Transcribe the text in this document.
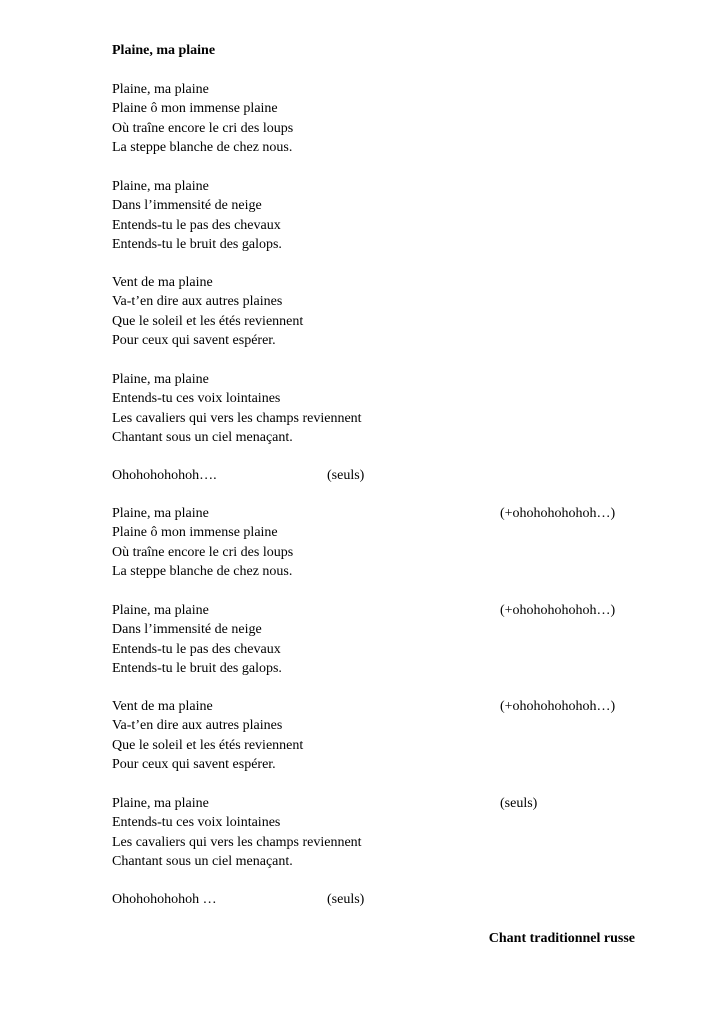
Plaine, ma plaine
Plaine, ma plaine
Plaine ô mon immense plaine
Où traîne encore le cri des loups
La steppe blanche de chez nous.
Plaine, ma plaine
Dans l’immensité de neige
Entends-tu le pas des chevaux
Entends-tu le bruit des galops.
Vent de ma plaine
Va-t’en dire aux autres plaines
Que le soleil et les étés reviennent
Pour ceux qui savent espérer.
Plaine, ma plaine
Entends-tu ces voix lointaines
Les cavaliers qui vers les champs reviennent
Chantant sous un ciel menaçant.
Ohohohohohoh….	(seuls)
Plaine, ma plaine
Plaine ô mon immense plaine
Où traîne encore le cri des loups
La steppe blanche de chez nous.
(+ohohohohohoh…)
Plaine, ma plaine
Dans l’immensité de neige
Entends-tu le pas des chevaux
Entends-tu le bruit des galops.
(+ohohohohohoh…)
Vent de ma plaine
Va-t’en dire aux autres plaines
Que le soleil et les étés reviennent
Pour ceux qui savent espérer.
(+ohohohohohoh…)
Plaine, ma plaine
Entends-tu ces voix lointaines
Les cavaliers qui vers les champs reviennent
Chantant sous un ciel menaçant.
(seuls)
Ohohohohohoh …	(seuls)
Chant traditionnel russe
